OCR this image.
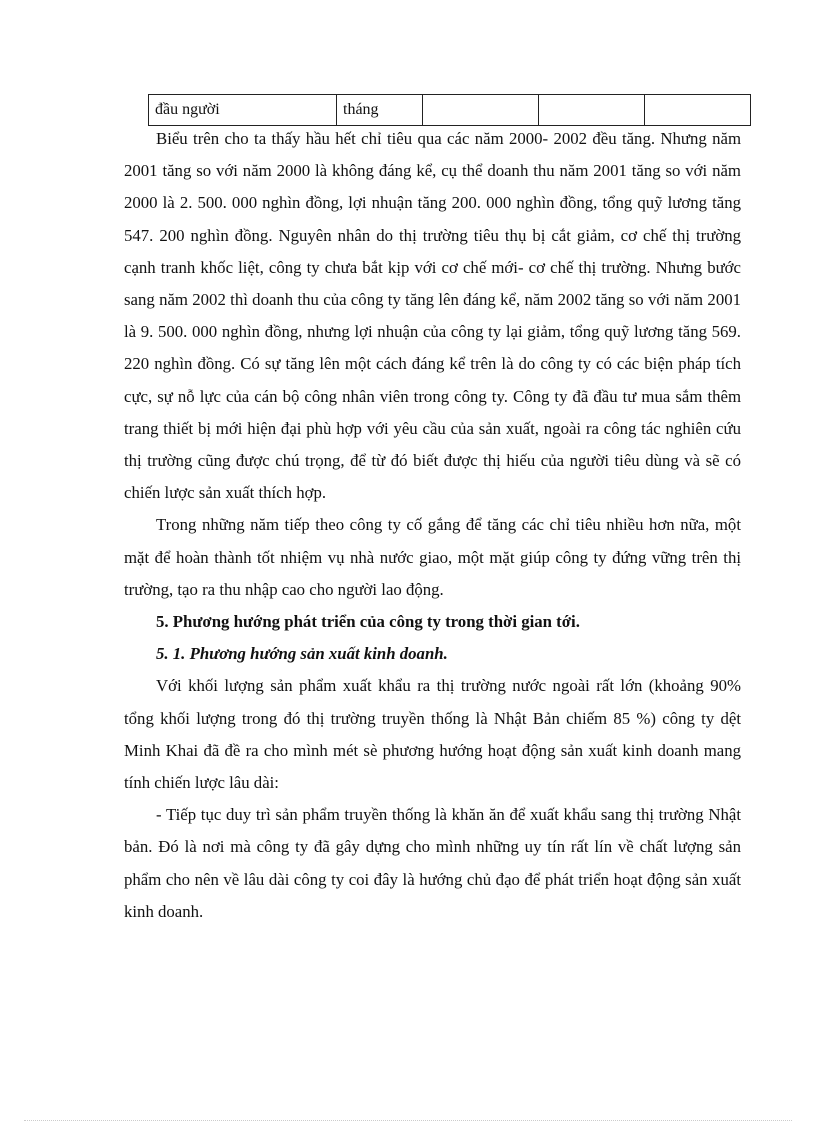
đầu người	tháng			

Biểu trên cho ta thấy hầu hết chỉ tiêu qua các năm 2000- 2002 đều tăng. Nhưng năm 2001 tăng so với năm 2000 là không đáng kể, cụ thể doanh thu năm 2001 tăng so với năm 2000 là 2. 500. 000 nghìn đồng, lợi nhuận tăng 200. 000 nghìn đồng, tổng quỹ lương tăng 547. 200 nghìn đồng. Nguyên nhân do thị trường tiêu thụ bị cắt giảm, cơ chế thị trường cạnh tranh khốc liệt, công ty chưa bắt kịp với cơ chế mới- cơ chế thị trường. Nhưng bước sang năm 2002 thì doanh thu của công ty tăng lên đáng kể, năm 2002 tăng so với năm 2001 là 9. 500. 000 nghìn đồng, nhưng lợi nhuận của công ty lại giảm, tổng quỹ lương tăng 569. 220 nghìn đồng. Có sự tăng lên một cách đáng kể trên là do công ty có các biện pháp tích cực, sự nỗ lực của cán bộ công nhân viên trong công ty. Công ty đã đầu tư mua sắm thêm trang thiết bị mới hiện đại phù hợp với yêu cầu của sản xuất, ngoài ra công tác nghiên cứu thị trường cũng được chú trọng, để từ đó biết được thị hiếu của người tiêu dùng và sẽ có chiến lược sản xuất thích hợp.

Trong những năm tiếp theo công ty cố gắng để tăng các chỉ tiêu nhiều hơn nữa, một mặt để hoàn thành tốt nhiệm vụ nhà nước giao, một mặt giúp công ty đứng vững trên thị trường, tạo ra thu nhập cao cho người lao động.

5. Phương hướng phát triển của công ty trong thời gian tới.

5. 1. Phương hướng sản xuất kinh doanh.

Với khối lượng sản phẩm xuất khẩu ra thị trường nước ngoài rất lớn (khoảng 90% tổng khối lượng trong đó thị trường truyền thống là Nhật Bản chiếm 85 %) công ty dệt Minh Khai đã đề ra cho mình mét sè phương hướng hoạt động sản xuất kinh doanh mang tính chiến lược lâu dài:

- Tiếp tục duy trì sản phẩm truyền thống là khăn ăn để xuất khẩu sang thị trường Nhật bản. Đó là nơi mà công ty đã gây dựng cho mình những uy tín rất lín về chất lượng sản phẩm cho nên về lâu dài công ty coi đây là hướng chủ đạo để phát triển hoạt động sản xuất kinh doanh.
